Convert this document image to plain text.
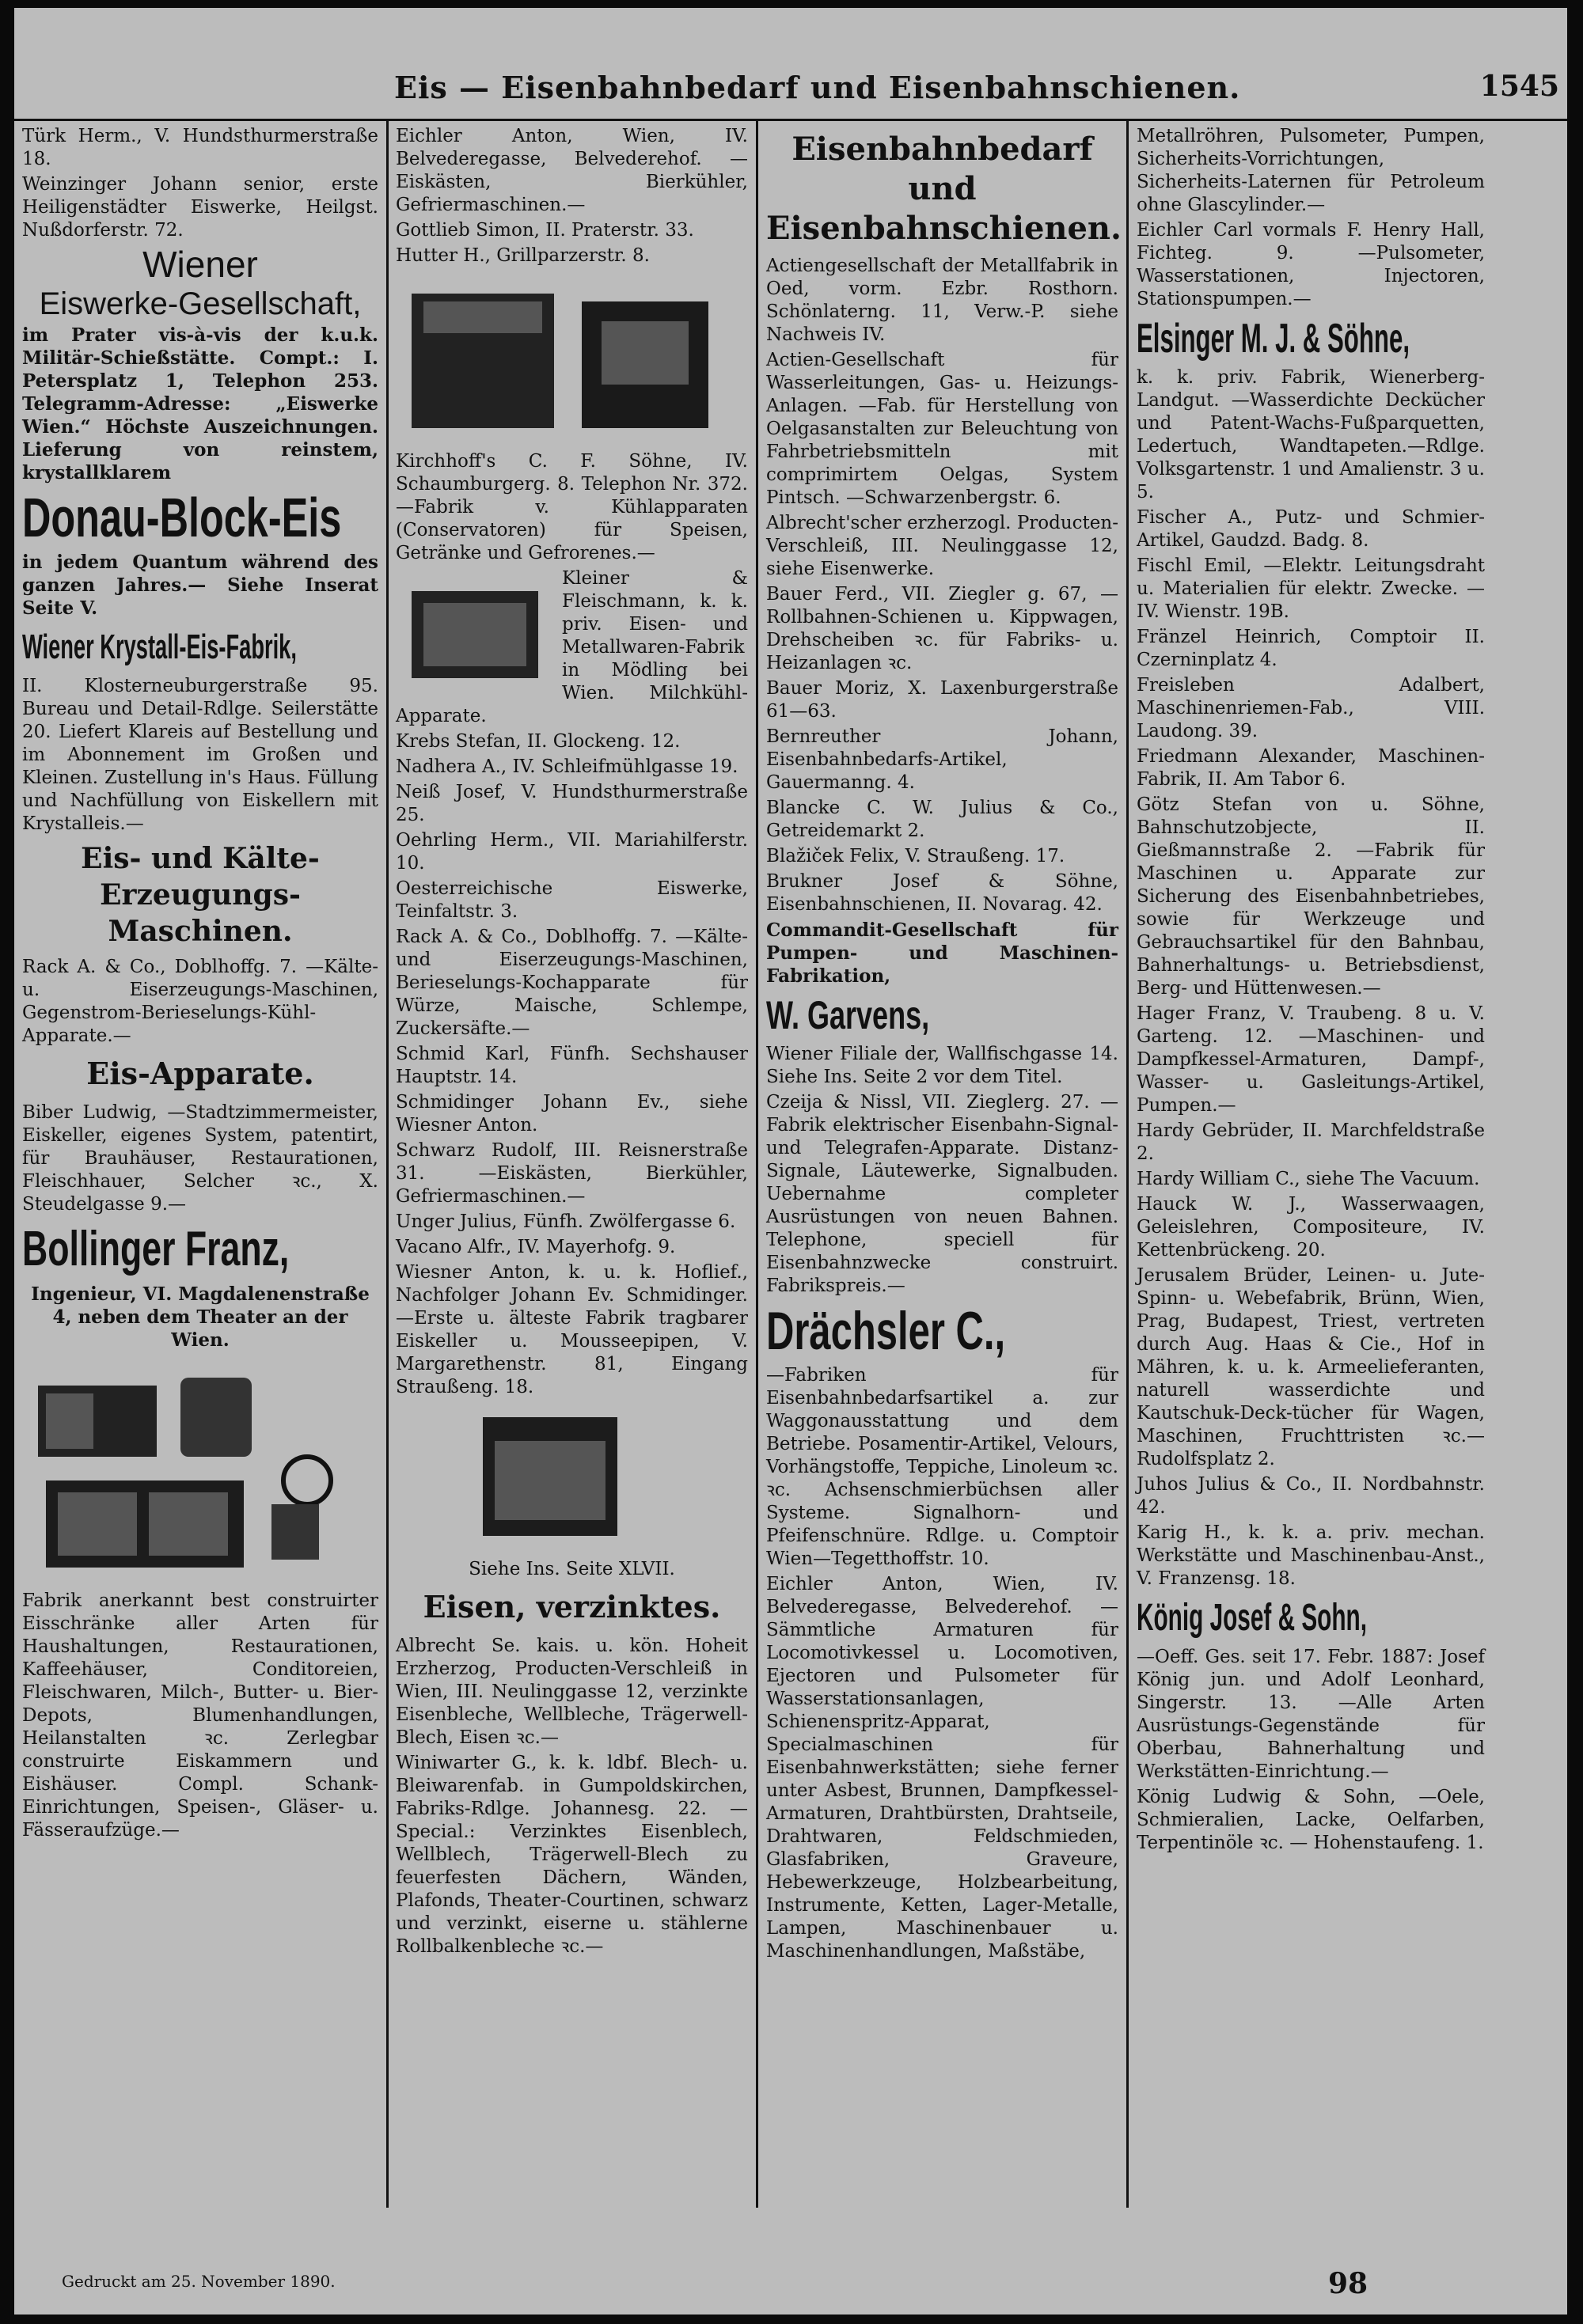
Eis — Eisenbahnbedarf und Eisenbahnschienen.	1545

Türk Herm., V. Hundsthurmerstraße 18.

Weinzinger Johann senior, erste Heiligenstädter Eiswerke, Heilgst. Nußdorferstr. 72.

Wiener
Eiswerke-Gesellschaft,

im Prater vis-à-vis der k.u.k. Militär-Schießstätte. Compt.: I. Petersplatz 1, Telephon 253. Telegramm-Adresse: „Eiswerke Wien.“ Höchste Auszeichnungen. Lieferung von reinstem, krystallklarem

Donau-Block-Eis

in jedem Quantum während des ganzen Jahres.— Siehe Inserat Seite V.

Wiener Krystall-Eis-Fabrik,

II. Klosterneuburgerstraße 95. Bureau und Detail-Rdlge. Seilerstätte 20. Liefert Klareis auf Bestellung und im Abonnement im Großen und Kleinen. Zustellung in's Haus. Füllung und Nachfüllung von Eiskellern mit Krystalleis.—

Eis- und Kälte-Erzeugungs-Maschinen.

Rack A. & Co., Doblhoffg. 7. —Kälte- u. Eiserzeugungs-Maschinen, Gegenstrom-Berieselungs-Kühl-Apparate.—

Eis-Apparate.

Biber Ludwig, —Stadtzimmermeister, Eiskeller, eigenes System, patentirt, für Brauhäuser, Restaurationen, Fleischhauer, Selcher ꝛc., X. Steudelgasse 9.—

Bollinger Franz,

Ingenieur, VI. Magdalenenstraße 4, neben dem Theater an der Wien.

Fabrik anerkannt best construirter Eisschränke aller Arten für Haushaltungen, Restaurationen, Kaffeehäuser, Conditoreien, Fleischwaren, Milch-, Butter- u. Bier-Depots, Blumenhandlungen, Heilanstalten ꝛc. Zerlegbar construirte Eiskammern und Eishäuser. Compl. Schank-Einrichtungen, Speisen-, Gläser- u. Fässeraufzüge.—

Eichler Anton, Wien, IV. Belvederegasse, Belvederehof. —Eiskästen, Bierkühler, Gefriermaschinen.—

Gottlieb Simon, II. Praterstr. 33.

Hutter H., Grillparzerstr. 8.

Kirchhoff's C. F. Söhne, IV. Schaumburgerg. 8. Telephon Nr. 372. —Fabrik v. Kühlapparaten (Conservatoren) für Speisen, Getränke und Gefrorenes.—

Kleiner & Fleischmann, k. k. priv. Eisen- und Metallwaren-Fabrik in Mödling bei Wien. Milchkühl-Apparate.

Krebs Stefan, II. Glockeng. 12.

Nadhera A., IV. Schleifmühlgasse 19.

Neiß Josef, V. Hundsthurmerstraße 25.

Oehrling Herm., VII. Mariahilferstr. 10.

Oesterreichische Eiswerke, Teinfaltstr. 3.

Rack A. & Co., Doblhoffg. 7. —Kälte- und Eiserzeugungs-Maschinen, Berieselungs-Kochapparate für Würze, Maische, Schlempe, Zuckersäfte.—

Schmid Karl, Fünfh. Sechshauser Hauptstr. 14.

Schmidinger Johann Ev., siehe Wiesner Anton.

Schwarz Rudolf, III. Reisnerstraße 31. —Eiskästen, Bierkühler, Gefriermaschinen.—

Unger Julius, Fünfh. Zwölfergasse 6.

Vacano Alfr., IV. Mayerhofg. 9.

Wiesner Anton, k. u. k. Hoflief., Nachfolger Johann Ev. Schmidinger. —Erste u. älteste Fabrik tragbarer Eiskeller u. Mousseepipen, V. Margarethenstr. 81, Eingang Straußeng. 18.

Siehe Ins. Seite XLVII.

Eisen, verzinktes.

Albrecht Se. kais. u. kön. Hoheit Erzherzog, Producten-Verschleiß in Wien, III. Neulinggasse 12, verzinkte Eisenbleche, Wellbleche, Trägerwell-Blech, Eisen ꝛc.—

Winiwarter G., k. k. ldbf. Blech- u. Bleiwarenfab. in Gumpoldskirchen, Fabriks-Rdlge. Johannesg. 22. —Special.: Verzinktes Eisenblech, Wellblech, Trägerwell-Blech zu feuerfesten Dächern, Wänden, Plafonds, Theater-Courtinen, schwarz und verzinkt, eiserne u. stählerne Rollbalkenbleche ꝛc.—

Eisenbahnbedarf und Eisenbahnschienen.

Actiengesellschaft der Metallfabrik in Oed, vorm. Ezbr. Rosthorn. Schönlaterng. 11, Verw.-P. siehe Nachweis IV.

Actien-Gesellschaft für Wasserleitungen, Gas- u. Heizungs-Anlagen. —Fab. für Herstellung von Oelgasanstalten zur Beleuchtung von Fahrbetriebsmitteln mit comprimirtem Oelgas, System Pintsch. —Schwarzenbergstr. 6.

Albrecht'scher erzherzogl. Producten-Verschleiß, III. Neulinggasse 12, siehe Eisenwerke.

Bauer Ferd., VII. Ziegler g. 67, —Rollbahnen-Schienen u. Kippwagen, Drehscheiben ꝛc. für Fabriks- u. Heizanlagen ꝛc.

Bauer Moriz, X. Laxenburgerstraße 61—63.

Bernreuther Johann, Eisenbahnbedarfs-Artikel, Gauermanng. 4.

Blancke C. W. Julius & Co., Getreidemarkt 2.

Blažiček Felix, V. Straußeng. 17.

Brukner Josef & Söhne, Eisenbahnschienen, II. Novarag. 42.

Commandit-Gesellschaft für Pumpen- und Maschinen-Fabrikation,

W. Garvens,

Wiener Filiale der, Wallfischgasse 14. Siehe Ins. Seite 2 vor dem Titel.

Czeija & Nissl, VII. Zieglerg. 27. —Fabrik elektrischer Eisenbahn-Signal- und Telegrafen-Apparate. Distanz-Signale, Läutewerke, Signalbuden. Uebernahme completer Ausrüstungen von neuen Bahnen. Telephone, speciell für Eisenbahnzwecke construirt. Fabrikspreis.—

Drächsler C.,

—Fabriken für Eisenbahnbedarfsartikel a. zur Waggonausstattung und dem Betriebe. Posamentir-Artikel, Velours, Vorhängstoffe, Teppiche, Linoleum ꝛc. ꝛc. Achsenschmierbüchsen aller Systeme. Signalhorn- und Pfeifenschnüre. Rdlge. u. Comptoir Wien—Tegetthoffstr. 10.

Eichler Anton, Wien, IV. Belvederegasse, Belvederehof. —Sämmtliche Armaturen für Locomotivkessel u. Locomotiven, Ejectoren und Pulsometer für Wasserstationsanlagen, Schienenspritz-Apparat, Specialmaschinen für Eisenbahnwerkstätten; siehe ferner unter Asbest, Brunnen, Dampfkessel-Armaturen, Drahtbürsten, Drahtseile, Drahtwaren, Feldschmieden, Glasfabriken, Graveure, Hebewerkzeuge, Holzbearbeitung, Instrumente, Ketten, Lager-Metalle, Lampen, Maschinenbauer u. Maschinenhandlungen, Maßstäbe,

Metallröhren, Pulsometer, Pumpen, Sicherheits-Vorrichtungen, Sicherheits-Laternen für Petroleum ohne Glascylinder.—

Eichler Carl vormals F. Henry Hall, Fichteg. 9. —Pulsometer, Wasserstationen, Injectoren, Stationspumpen.—

Elsinger M. J. & Söhne,

k. k. priv. Fabrik, Wienerberg-Landgut. —Wasserdichte Deckücher und Patent-Wachs-Fußparquetten, Ledertuch, Wandtapeten.—Rdlge. Volksgartenstr. 1 und Amalienstr. 3 u. 5.

Fischer A., Putz- und Schmier-Artikel, Gaudzd. Badg. 8.

Fischl Emil, —Elektr. Leitungsdraht u. Materialien für elektr. Zwecke. — IV. Wienstr. 19B.

Fränzel Heinrich, Comptoir II. Czerninplatz 4.

Freisleben Adalbert, Maschinenriemen-Fab., VIII. Laudong. 39.

Friedmann Alexander, Maschinen-Fabrik, II. Am Tabor 6.

Götz Stefan von u. Söhne, Bahnschutzobjecte, II. Gießmannstraße 2. —Fabrik für Maschinen u. Apparate zur Sicherung des Eisenbahnbetriebes, sowie für Werkzeuge und Gebrauchsartikel für den Bahnbau, Bahnerhaltungs- u. Betriebsdienst, Berg- und Hüttenwesen.—

Hager Franz, V. Traubeng. 8 u. V. Garteng. 12. —Maschinen- und Dampfkessel-Armaturen, Dampf-, Wasser- u. Gasleitungs-Artikel, Pumpen.—

Hardy Gebrüder, II. Marchfeldstraße 2.

Hardy William C., siehe The Vacuum.

Hauck W. J., Wasserwaagen, Geleislehren, Compositeure, IV. Kettenbrückeng. 20.

Jerusalem Brüder, Leinen- u. Jute-Spinn- u. Webefabrik, Brünn, Wien, Prag, Budapest, Triest, vertreten durch Aug. Haas & Cie., Hof in Mähren, k. u. k. Armeelieferanten, naturell wasserdichte und Kautschuk-Deck-tücher für Wagen, Maschinen, Fruchttristen ꝛc.— Rudolfsplatz 2.

Juhos Julius & Co., II. Nordbahnstr. 42.

Karig H., k. k. a. priv. mechan. Werkstätte und Maschinenbau-Anst., V. Franzensg. 18.

König Josef & Sohn,

—Oeff. Ges. seit 17. Febr. 1887: Josef König jun. und Adolf Leonhard, Singerstr. 13. —Alle Arten Ausrüstungs-Gegenstände für Oberbau, Bahnerhaltung und Werkstätten-Einrichtung.—

König Ludwig & Sohn, —Oele, Schmieralien, Lacke, Oelfarben, Terpentinöle ꝛc. — Hohenstaufeng. 1.

Gedruckt am 25. November 1890.	98
